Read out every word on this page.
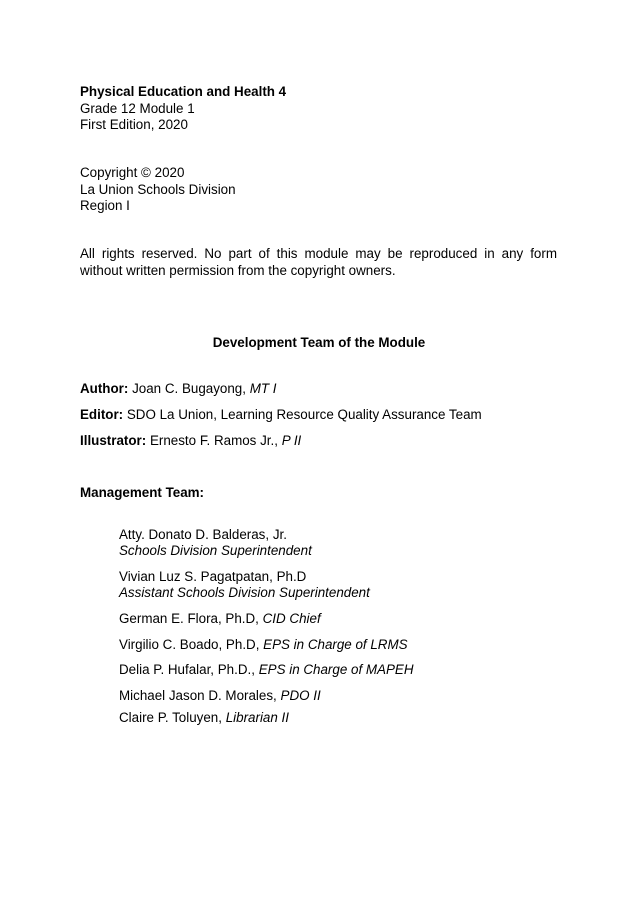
Physical Education and Health 4
Grade 12 Module 1
First Edition, 2020
Copyright © 2020
La Union Schools Division
Region I
All rights reserved. No part of this module may be reproduced in any form without written permission from the copyright owners.
Development Team of the Module
Author: Joan C. Bugayong, MT I
Editor: SDO La Union, Learning Resource Quality Assurance Team
Illustrator: Ernesto F. Ramos Jr., P II
Management Team:
Atty. Donato D. Balderas, Jr.
Schools Division Superintendent
Vivian Luz S. Pagatpatan, Ph.D
Assistant Schools Division Superintendent
German E. Flora, Ph.D, CID Chief
Virgilio C. Boado, Ph.D, EPS in Charge of LRMS
Delia P. Hufalar, Ph.D., EPS in Charge of MAPEH
Michael Jason D. Morales, PDO II
Claire P. Toluyen, Librarian II
